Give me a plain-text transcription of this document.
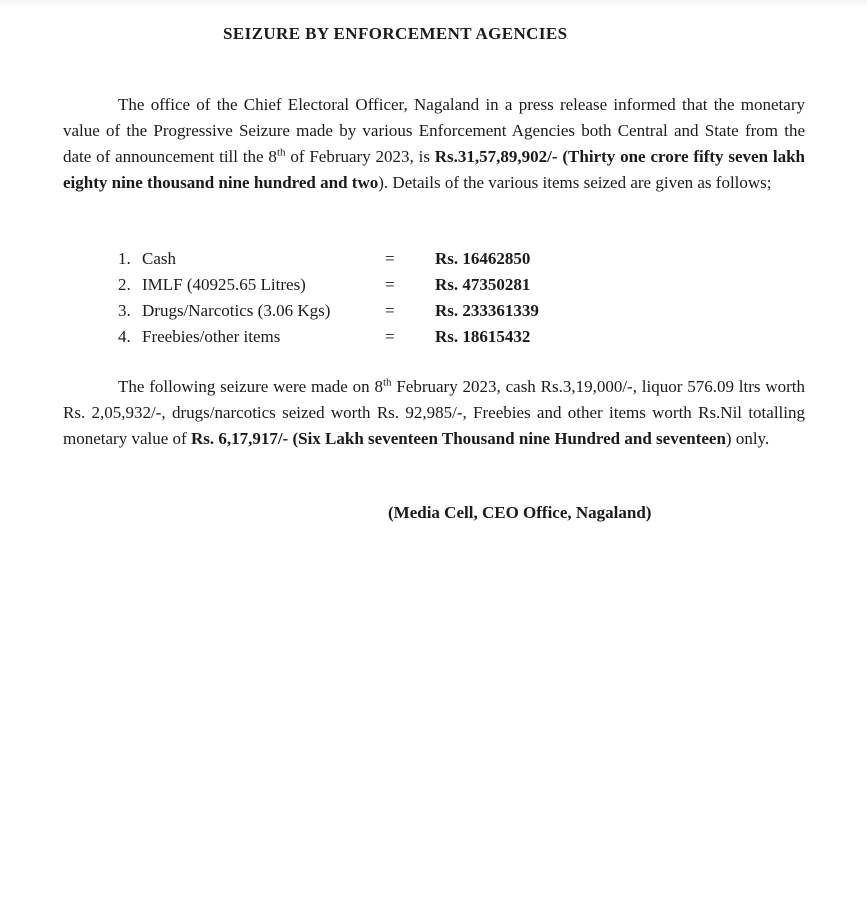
SEIZURE BY ENFORCEMENT AGENCIES

The office of the Chief Electoral Officer, Nagaland in a press release informed that the monetary value of the Progressive Seizure made by various Enforcement Agencies both Central and State from the date of announcement till the 8th of February 2023, is Rs.31,57,89,902/- (Thirty one crore fifty seven lakh eighty nine thousand nine hundred and two). Details of the various items seized are given as follows;

1. Cash	=	Rs. 16462850
2. IMLF (40925.65 Litres)	=	Rs. 47350281
3. Drugs/Narcotics (3.06 Kgs)	=	Rs. 233361339
4. Freebies/other items	=	Rs. 18615432

The following seizure were made on 8th February 2023, cash Rs.3,19,000/-, liquor 576.09 ltrs worth Rs. 2,05,932/-, drugs/narcotics seized worth Rs. 92,985/-, Freebies and other items worth Rs.Nil totalling monetary value of Rs. 6,17,917/- (Six Lakh seventeen Thousand nine Hundred and seventeen) only.

(Media Cell, CEO Office, Nagaland)
